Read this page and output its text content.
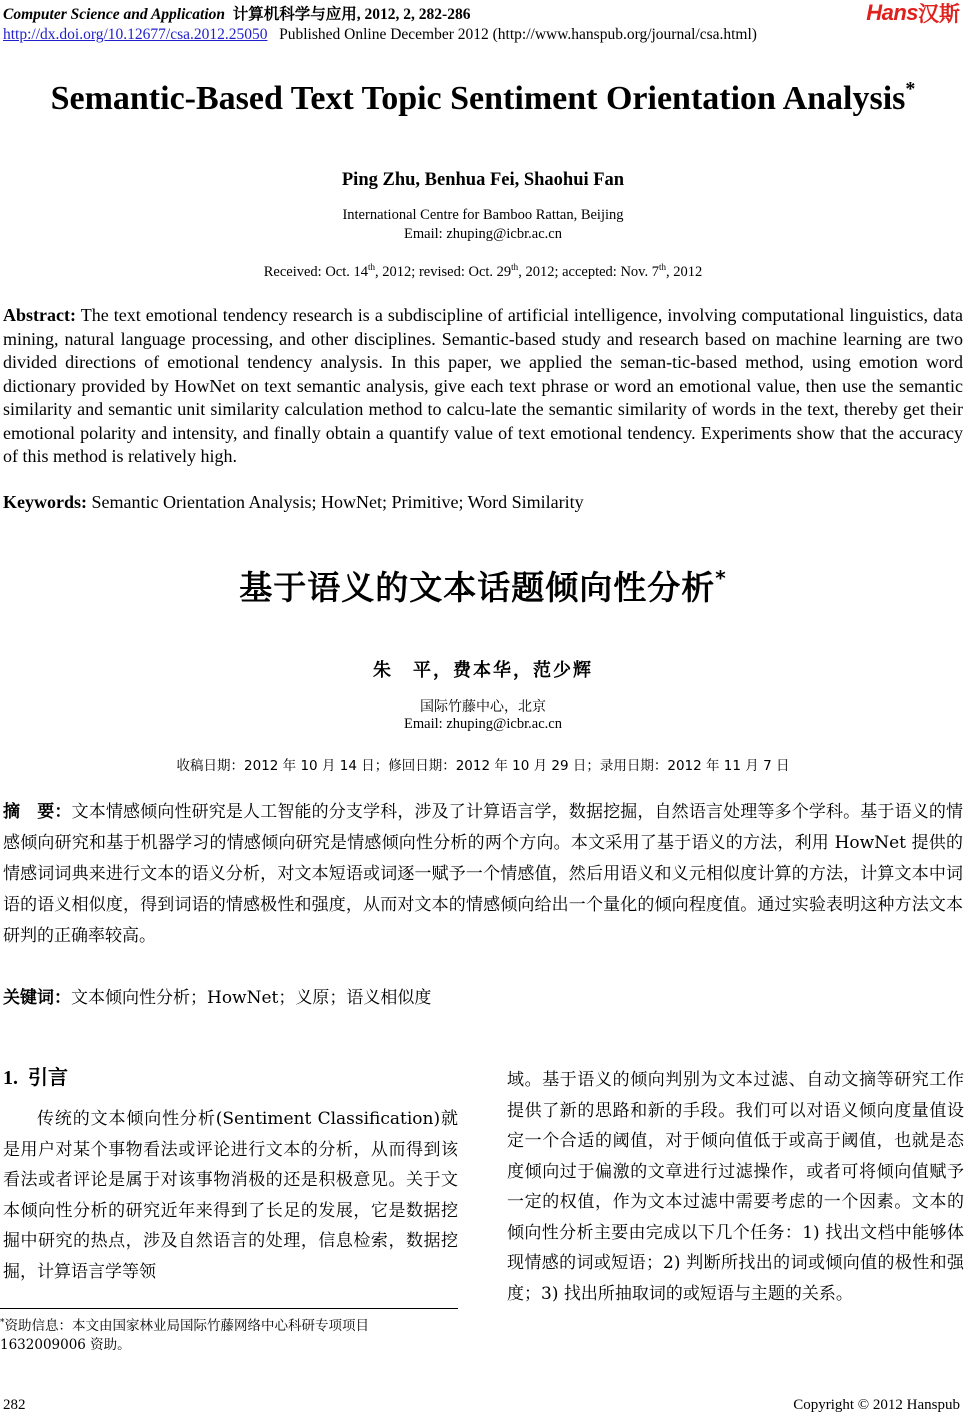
Computer Science and Application 计算机科学与应用, 2012, 2, 282-286
http://dx.doi.org/10.12677/csa.2012.25050 Published Online December 2012 (http://www.hanspub.org/journal/csa.html)
Hans 汉斯
Semantic-Based Text Topic Sentiment Orientation Analysis*
Ping Zhu, Benhua Fei, Shaohui Fan
International Centre for Bamboo Rattan, Beijing
Email: zhuping@icbr.ac.cn
Received: Oct. 14th, 2012; revised: Oct. 29th, 2012; accepted: Nov. 7th, 2012
Abstract: The text emotional tendency research is a subdiscipline of artificial intelligence, involving computational linguistics, data mining, natural language processing, and other disciplines. Semantic-based study and research based on machine learning are two divided directions of emotional tendency analysis. In this paper, we applied the seman-tic-based method, using emotion word dictionary provided by HowNet on text semantic analysis, give each text phrase or word an emotional value, then use the semantic similarity and semantic unit similarity calculation method to calcu-late the semantic similarity of words in the text, thereby get their emotional polarity and intensity, and finally obtain a quantify value of text emotional tendency. Experiments show that the accuracy of this method is relatively high.
Keywords: Semantic Orientation Analysis; HowNet; Primitive; Word Similarity
基于语义的文本话题倾向性分析*
朱　平，费本华，范少辉
国际竹藤中心，北京
Email: zhuping@icbr.ac.cn
收稿日期：2012 年 10 月 14 日；修回日期：2012 年 10 月 29 日；录用日期：2012 年 11 月 7 日
摘　要：文本情感倾向性研究是人工智能的分支学科，涉及了计算语言学，数据挖掘，自然语言处理等多个学科。基于语义的情感倾向研究和基于机器学习的情感倾向研究是情感倾向性分析的两个方向。本文采用了基于语义的方法，利用 HowNet 提供的情感词词典来进行文本的语义分析，对文本短语或词逐一赋予一个情感值，然后用语义和义元相似度计算的方法，计算文本中词语的语义相似度，得到词语的情感极性和强度，从而对文本的情感倾向给出一个量化的倾向程度值。通过实验表明这种方法文本研判的正确率较高。
关键词：文本倾向性分析；HowNet；义原；语义相似度
1. 引言
传统的文本倾向性分析(Sentiment Classification)就是用户对某个事物看法或评论进行文本的分析，从而得到该看法或者评论是属于对该事物消极的还是积极意见。关于文本倾向性分析的研究近年来得到了长足的发展，它是数据挖掘中研究的热点，涉及自然语言的处理，信息检索，数据挖掘，计算语言学等领
域。基于语义的倾向判别为文本过滤、自动文摘等研究工作提供了新的思路和新的手段。我们可以对语义倾向度量值设定一个合适的阈值，对于倾向值低于或高于阈值，也就是态度倾向过于偏激的文章进行过滤操作，或者可将倾向值赋予一定的权值，作为文本过滤中需要考虑的一个因素。文本的倾向性分析主要由完成以下几个任务：1) 找出文档中能够体现情感的词或短语；2) 判断所找出的词或倾向值的极性和强度；3) 找出所抽取词的或短语与主题的关系。
*资助信息：本文由国家林业局国际竹藤网络中心科研专项项目 1632009006 资助。
282	Copyright © 2012 Hanspub
